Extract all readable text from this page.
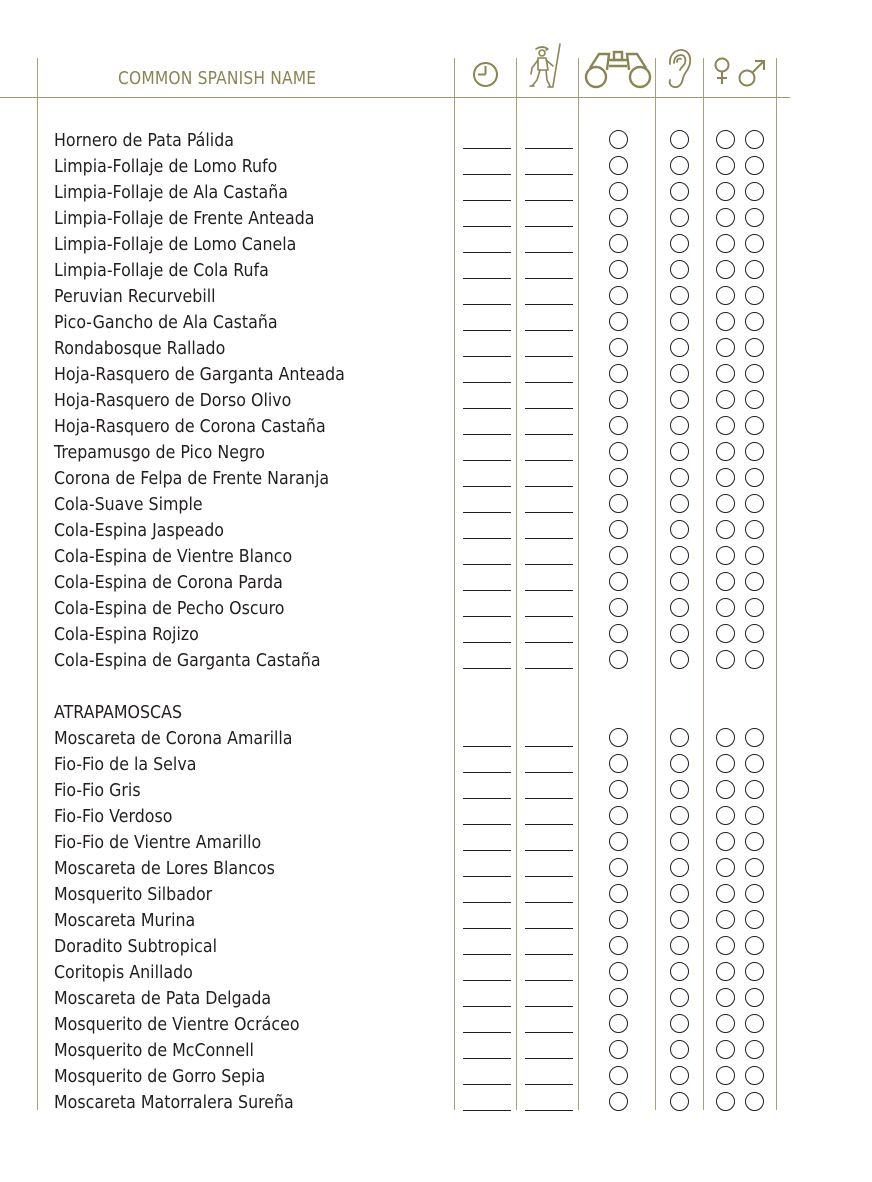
COMMON SPANISH NAME
Hornero de Pata Pálida
Limpia-Follaje de Lomo Rufo
Limpia-Follaje de Ala Castaña
Limpia-Follaje de Frente Anteada
Limpia-Follaje de Lomo Canela
Limpia-Follaje de Cola Rufa
Peruvian Recurvebill
Pico-Gancho de Ala Castaña
Rondabosque Rallado
Hoja-Rasquero de Garganta Anteada
Hoja-Rasquero de Dorso Olivo
Hoja-Rasquero de Corona Castaña
Trepamusgo de Pico Negro
Corona de Felpa de Frente Naranja
Cola-Suave Simple
Cola-Espina Jaspeado
Cola-Espina de Vientre Blanco
Cola-Espina de Corona Parda
Cola-Espina de Pecho Oscuro
Cola-Espina Rojizo
Cola-Espina de Garganta Castaña
ATRAPAMOSCAS
Moscareta de Corona Amarilla
Fio-Fio de la Selva
Fio-Fio Gris
Fio-Fio Verdoso
Fio-Fio de Vientre Amarillo
Moscareta de Lores Blancos
Mosquerito Silbador
Moscareta Murina
Doradito Subtropical
Coritopis Anillado
Moscareta de Pata Delgada
Mosquerito de Vientre Ocráceo
Mosquerito de McConnell
Mosquerito de Gorro Sepia
Moscareta Matorralera Sureña
